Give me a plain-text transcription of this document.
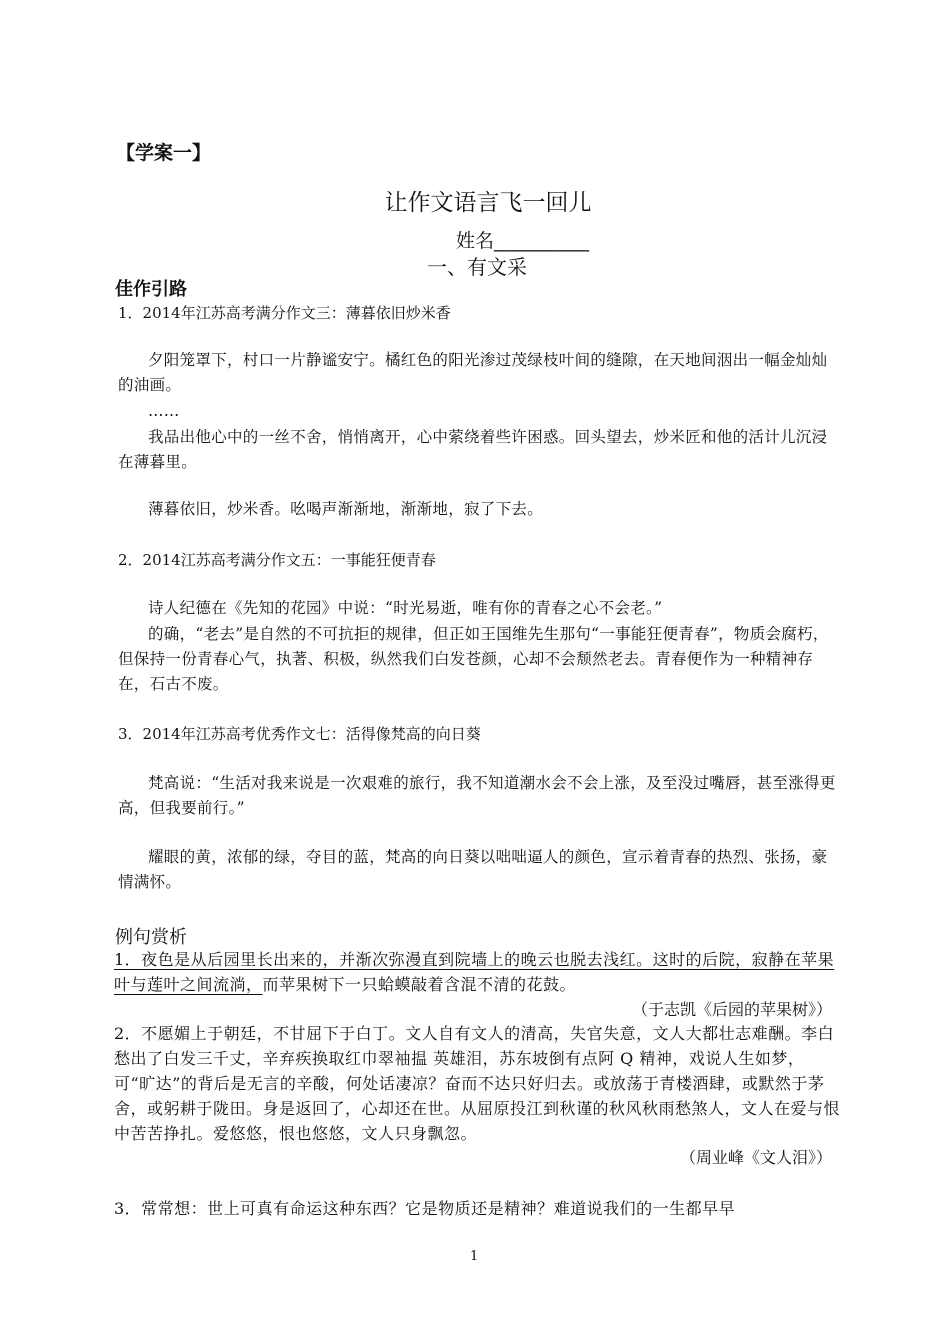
【学案一】
让作文语言飞一回儿
姓名__________
一、有文采
佳作引路
1．2014年江苏高考满分作文三：薄暮依旧炒米香
夕阳笼罩下，村口一片静谧安宁。橘红色的阳光渗过茂绿枝叶间的缝隙，在天地间洇出一幅金灿灿的油画。
……
我品出他心中的一丝不舍，悄悄离开，心中萦绕着些许困惑。回头望去，炒米匠和他的活计儿沉浸在薄暮里。
薄暮依旧，炒米香。吆喝声渐渐地，渐渐地，寂了下去。
2．2014江苏高考满分作文五：一事能狂便青春
诗人纪德在《先知的花园》中说：“时光易逝，唯有你的青春之心不会老。”
的确，“老去”是自然的不可抗拒的规律，但正如王国维先生那句“一事能狂便青春”，物质会腐朽，但保持一份青春心气，执著、积极，纵然我们白发苍颜，心却不会颓然老去。青春便作为一种精神存在，石古不废。
3．2014年江苏高考优秀作文七：活得像梵高的向日葵
梵高说：“生活对我来说是一次艰难的旅行，我不知道潮水会不会上涨，及至没过嘴唇，甚至涨得更高，但我要前行。”
耀眼的黄，浓郁的绿，夺目的蓝，梵高的向日葵以咄咄逼人的颜色，宣示着青春的热烈、张扬，豪情满怀。
例句赏析
1．夜色是从后园里长出来的，并渐次弥漫直到院墙上的晚云也脱去浅红。这时的后院，寂静在苹果叶与莲叶之间流淌，而苹果树下一只蛤蟆敲着含混不清的花鼓。
（于志凯《后园的苹果树》）
2．不愿媚上于朝廷，不甘屈下于白丁。文人自有文人的清高，失官失意，文人大都壮志难酬。李白愁出了白发三千丈，辛弃疾换取红巾翠袖揾 英雄泪，苏东坡倒有点阿 Q 精神，戏说人生如梦，可“旷达”的背后是无言的辛酸，何处话凄凉？奋而不达只好归去。或放荡于青楼酒肆，或默然于茅舍，或躬耕于陇田。身是返回了，心却还在世。从屈原投江到秋谨的秋风秋雨愁煞人，文人在爱与恨中苦苦挣扎。爱悠悠，恨也悠悠，文人只身飘忽。
（周业峰《文人泪》）
3．常常想：世上可真有命运这种东西？它是物质还是精神？难道说我们的一生都早早
1
